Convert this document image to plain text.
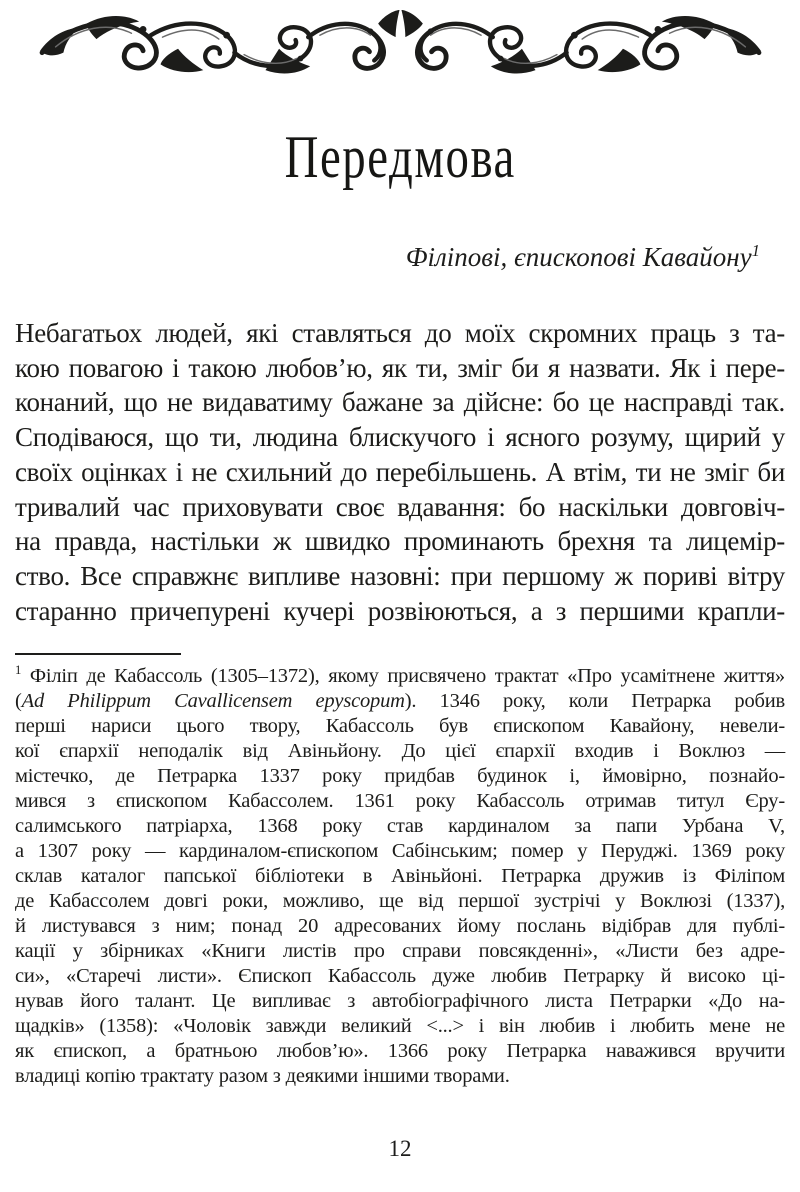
Передмова
Філіпові, єпископові Кавайону$^1$
Небагатьох людей, які ставляться до моїх скромних праць з та-
кою повагою і такою любов’ю, як ти, зміг би я назвати. Як і пере-
конаний, що не видаватиму бажане за дійсне: бо це насправді так.
Сподіваюся, що ти, людина блискучого і ясного розуму, щирий у
своїх оцінках і не схильний до перебільшень. А втім, ти не зміг би
тривалий час приховувати своє вдавання: бо наскільки довговіч-
на правда, настільки ж швидко проминають брехня та лицемір-
ство. Все справжнє випливе назовні: при першому ж пориві вітру
старанно причепурені кучері розвіюються, а з першими крапли-
$^1$ Філіп де Кабассоль (1305–1372), якому присвячено трактат «Про усамітнене життя»
(Ad Philippum Cavallicensem epyscopum). 1346 року, коли Петрарка робив
перші нариси цього твору, Кабассоль був єпископом Кавайону, невели-
кої єпархії неподалік від Авіньйону. До цієї єпархії входив і Воклюз —
містечко, де Петрарка 1337 року придбав будинок і, ймовірно, познайо-
мився з єпископом Кабассолем. 1361 року Кабассоль отримав титул Єру-
салимського патріарха, 1368 року став кардиналом за папи Урбана V,
а 1307 року — кардиналом-єпископом Сабінським; помер у Перуджі. 1369 року
склав каталог папської бібліотеки в Авіньйоні. Петрарка дружив із Філіпом
де Кабассолем довгі роки, можливо, ще від першої зустрічі у Воклюзі (1337),
й листувався з ним; понад 20 адресованих йому послань відібрав для публі-
кації у збірниках «Книги листів про справи повсякденні», «Листи без адре-
си», «Старечі листи». Єпископ Кабассоль дуже любив Петрарку й високо ці-
нував його талант. Це випливає з автобіографічного листа Петрарки «До на-
щадків» (1358): «Чоловік завжди великий <...> і він любив і любить мене не
як єпископ, а братньою любов’ю». 1366 року Петрарка наважився вручити
владиці копію трактату разом з деякими іншими творами.
12
